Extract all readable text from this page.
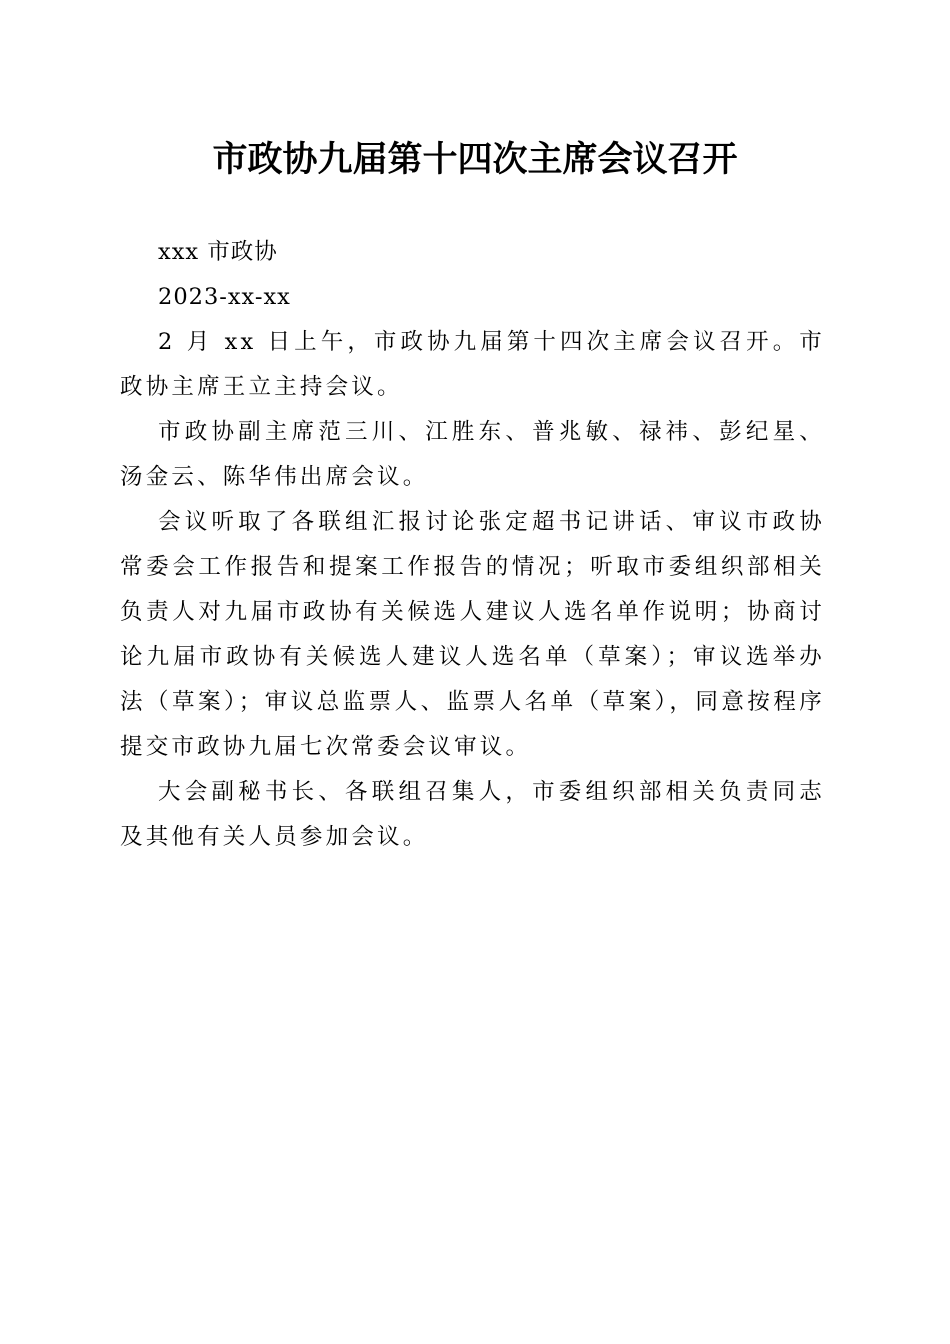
市政协九届第十四次主席会议召开

xxx 市政协

2023-xx-xx

2 月 xx 日上午，市政协九届第十四次主席会议召开。市政协主席王立主持会议。

市政协副主席范三川、江胜东、普兆敏、禄祎、彭纪星、汤金云、陈华伟出席会议。

会议听取了各联组汇报讨论张定超书记讲话、审议市政协常委会工作报告和提案工作报告的情况；听取市委组织部相关负责人对九届市政协有关候选人建议人选名单作说明；协商讨论九届市政协有关候选人建议人选名单（草案）；审议选举办法（草案）；审议总监票人、监票人名单（草案），同意按程序提交市政协九届七次常委会议审议。

大会副秘书长、各联组召集人，市委组织部相关负责同志及其他有关人员参加会议。
